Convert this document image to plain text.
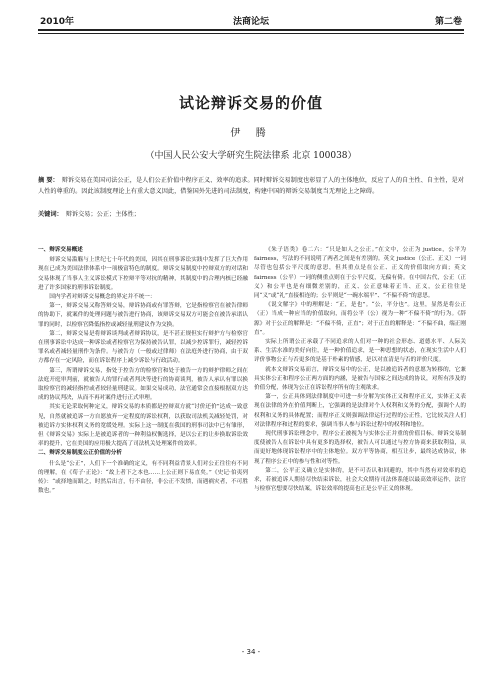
2010年	法商论坛	第二卷
试论辩诉交易的价值
伊 腾
（中国人民公安大学研究生院法律系 北京 100038）
摘 要： 辩诉交易在美国司法公正，是人们公正价值中程序正义、效率的追求。同时辩诉交易制度也彰显了人的主体地位，反应了人的自主性、自主性，是对人性的尊重的。因此该制度理论上有重大意义因此，借鉴国外先进的司法制度，构建中国的辩诉交易制度当无理论上之障碍。
关键词： 辩诉交易；公正；主体性；

一、辩诉交易概述

辩诉交易滥觞与上世纪七十年代的美国，因其在刑事诉讼实践中发挥了巨大作用现在已成为美国法律体系中一项极富特色的制度。辩诉交易制度中控辩双方的对话和交易体现了当事人主义诉讼模式下控辩平等对抗的精神，其制度中的合理内核已经融进了许多国家的刑事诉讼制度。

国内学者对辩诉交易概念的界定并不统一：

第一，辩诉交易又称答辩交易，辩诉协商或有罪答辩，它是指检察官在被告律师的协助下，就案件的处理问题与被告进行协商，该辩诉交易双方可能会在被告承诺认罪的同时，以检察官降低指控或减轻量刑建议作为交换。

第二，辩诉交易是将辩诉谈判或者辩诉协议，是不甚正规但实行辩护方与检察官在刑事诉讼中达成一种诉讼或者检察官为保持被告认罪，以减少控诉罪行，减轻控诉罪名或者减轻量刑作为条件。与被告方（一般或过律师）在法庭外进行协商，由于双方都存在一定风险，而在诉讼程序上减少诉讼与行政活动。

第三，所谓辩诉交易，指处于控告方的检察官和处于被告一方的辩护律师之间在法庭开庭审判前，就被告人的罪行或者判决等进行的协商谈判，被告人承认有罪以换取检察官的减轻指控或者较轻量刑建议。如果交易成功，法官通常会直接根据双方达成的协议判决，从而不再对案件进行正式审理。

其实无论采取何种定义，辩诉交易的本质都是控辩双方就“讨价还价”达成一致意见，自然就被追诉一方自愿放弃一定程度的诉讼权利，以获取司法机关减轻处罚，对被追诉方实体权利义务的宽缓处理。实际上这一制度在我国的刑事司法中已有雏形，但《辩诉交易》实际上是被追诉者的一种利益权衡选择，是以公正的让步换取诉讼效率的提升，它在美国的应用极大提高了司法机关处理案件的效率。

二、辩诉交易制度公正价值的分析

什么是“公正”，人们下一个准确的定义，有不同利益背景人们对公正往往有不同的理解，在《荀子·正论》：“故上者下之本也……上公正则下易直矣。”《史记·伯夷列传》：“或择地而蹈之，时然后出言，行不由径，非公正不发愤，而遇祸灾者，不可胜数也。”

《朱子语类》卷二六：“只是如人之公正。”在文中，公正为 justice，公平为 fairness，写法的不同说明了两者之间是有差别的。英文 justice（公正、正义）一词尽管也包括公平尺度的意思，但其重点是在公正、正义的价值取向方面；英文 fairness（公平）一词的侧重点则在于公平尺度，无偏有倚。在中国古代，公正（正义）和公平也是有细微差别的，正义、公正意味着正当、正义，公正往往是同“义”或“礼”直接相连的；公平则是“一碗水端平”、“不偏不倚”的意思。

《说文解字》中的理解是：“正，是也”。“公，平分也”。这里，显然是将公正（正）当成一种应当的价值取向，而将公平（公）视为一种“不偏不倚”的行为。《辞源》对于公正的解释是：“不偏不倚，正直”；对于正直的解释是：“不偏不曲，端正刚直”。

实际上所谓公正承载了不同追求的人们对一种的社会形态、道德水平、人际关系、生活水准的美好向往，是一种价值追求，是一种思想的状态，在现实生活中人们评价事物公正与否更多的是基于朴素的情感，是以对直清是与否的评价尺度。

就本文辩诉交易而言，辩诉交易中的公正，是以被追诉者的意愿为转移的，它兼具实体公正和程序公正两方面的内涵，是被告与国家之间达成的协议，对所有涉及的价值分配，体现为公正在诉讼程序所有的主观欲求。

第一，公正具体到法律制度中可进一步分解为实体正义和程序正义，实体正义表现在法律的外在价值判断上，它强调的是法律对个人权利和义务的分配，强调个人的权利和义务的具体配置；而程序正义则强调法律运行过程的公正性，它比较关注人们对法律程序和过程的要求，强调当事人参与诉讼过程中的权利和地位。

现代刑事诉讼理念中，程序公正被视为与实体公正并重的价值目标。辩诉交易制度使被告人在诉讼中具有更多的选择权，被告人可以通过与控方协商来获取利益，从而更好地体现诉讼程序中的主体地位。双方平等协商，相互让步，最终达成协议，体现了程序公正中的参与性和对等性。

第二，公平正义确立是实体的，是不可否认和回避的，其中当然有对效率的追求，若被追诉人期待尽快结束诉讼，社会大众期待司法体系能以最高效率运作，法官与检察官想要尽快结案，诉讼效率的提高也正是公平正义的体现。

- 34 -
